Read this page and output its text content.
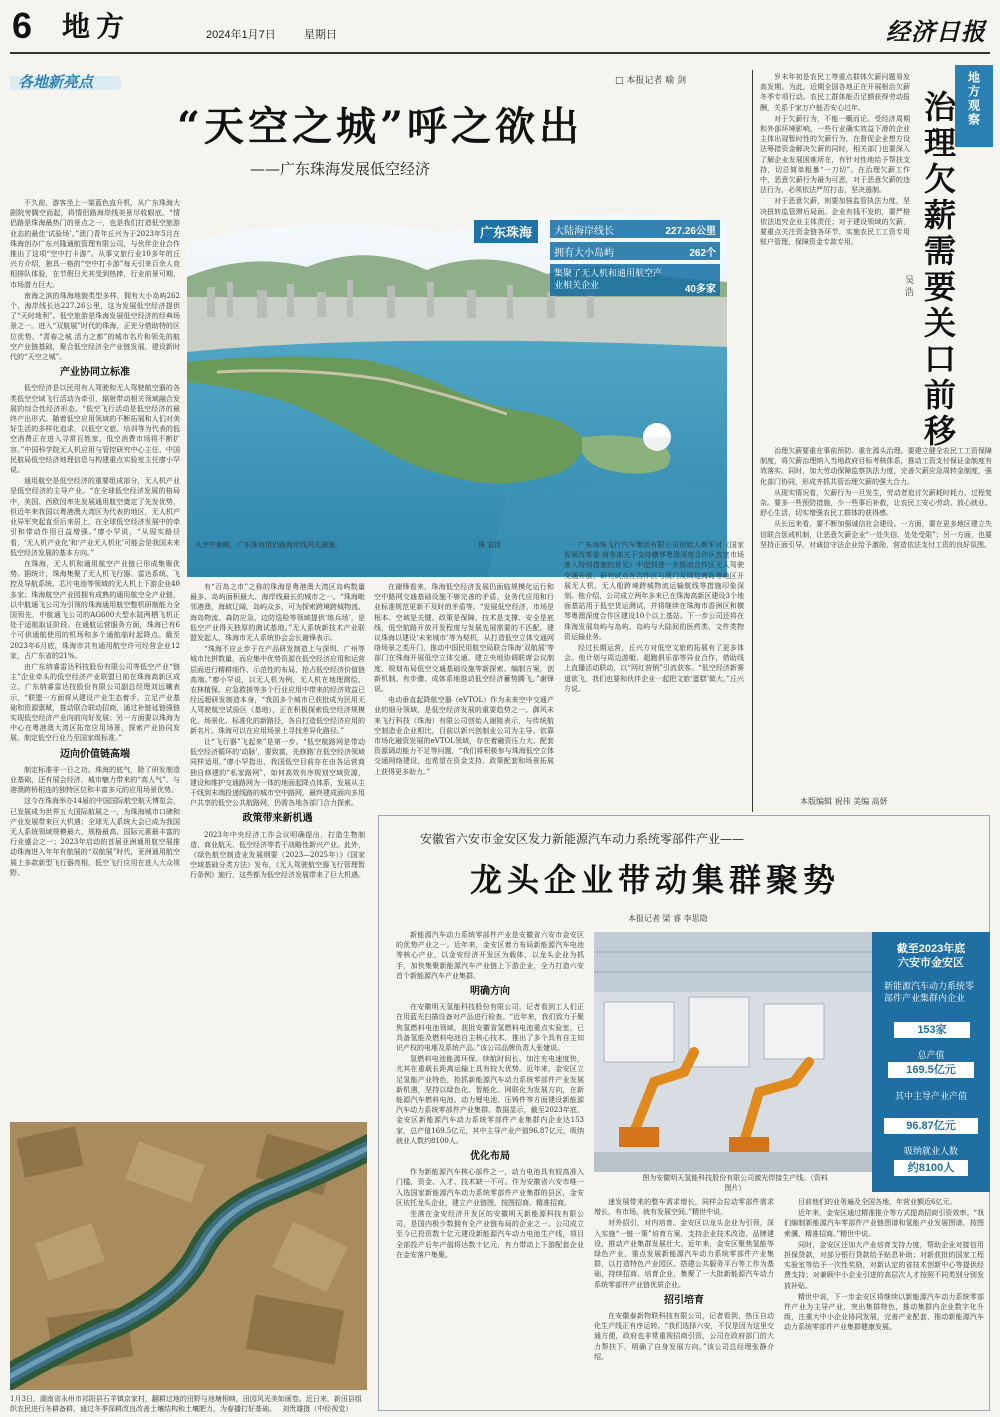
6 地方	2024年1月7日	星期日	经济日报
各地新亮点	□ 本报记者 喻 剑
“天空之城”呼之欲出
——广东珠海发展低空经济
广东珠海	大陆海岸线长	227.26公里
拥有大小岛屿	262个
集聚了无人机和通用航空产业相关企业	40多家
从空中俯瞰，广东珠海情侣路海岸线风光旖旎。	珠 宣摄

不久前，游客坐上一架蓝色直升机，从广东珠海大剧院旁腾空而起，将情侣路海岸线美景尽收眼底。“情侣路是珠海最热门的景点之一，也是我们打造低空旅游业态的最佳‘试验场’。”澳门青年丘兴为于2023年5月在珠海创办广东兴隆通航管理有限公司，与伙伴企业合作推出了这项“空中打卡游”。从事文旅行业10多年的丘兴方介绍，独具一格的“空中打卡游”每天引来百余人竞相排队体验，在节假日尤其受到热捧，行业前景可期，市场潜力巨大。

南海之滨的珠海地貌类型多样，拥有大小岛屿262个，海岸线长达227.26公里，这为发展低空经济提供了“天时地利”。低空旅游是珠海发展低空经济的经典场景之一。进入“双航展”时代的珠海，正充分借助特的区位优势、“青春之城 活力之都”的城市名片和领先的航空产业链基础，聚合低空经济全产业链发展，建设新时代的“天空之城”。

产业协同立标准

低空经济是以民用有人驾驶和无人驾驶航空器的各类低空空域飞行活动为牵引，辐射带动相关领域融合发展的综合性经济形态。“低空飞行活动是低空经济的最终产出形式。随着低空应用领域的不断拓展和人们对美好生活的多样化追求，以低空文旅、培训等为代表的低空消费正在进入寻常百姓家，低空消费市场将不断扩容。”中国科学院无人机应用与管控研究中心主任、中国民航局低空经济地理信息与构建重点实验室主任廖小罕说。

通用航空是低空经济的重要组成部分，无人机产业是低空经济的主导产业。“在全球低空经济发展的格局中，美国、西欧因率先发展通用航空奠定了先发优势，但近年来我国以粤港澳大湾区为代表的地区，无人机产业异军突起直至后来居上，在全球低空经济发展中的牵引和带动作用日益增强。”廖小罕说，“从现实路径看，‘无人机产业化’和‘产业无人机化’可能会是我国未来低空经济发展的基本方向。”

在珠海，无人机和通用航空产业链已形成集聚优势。据统计，珠海集聚了无人机飞行器、雷达系统、飞控及导航系统、芯片电池等领域的无人机上下游企业40多家；珠海航空产业园拥有成熟的通用航空全产业链，以中航通飞公司为引领的珠海通用航空整机研制能力全国领先，中航通飞公司的AG600大型水陆两栖飞机正处于适航取证阶段。在通航运营服务方面，珠海已有6个可供通航使用的机场和多个通航临时起降点。截至2023年6月底，珠海市共有通用航空许可经营企业12家，占广东省的21%。

由广东纳睿雷达科技股份有限公司等低空产业“链主”企业牵头的低空经济产业联盟日前在珠海高新区成立。广东纳睿雷达技股份有限公司副总经理刘远曦表示，“联盟一方面将从建设产业生态着手，立足产业基础和资源禀赋，推动联合联动招商，通过补链延链强链实现低空经济产业向前向好发展；另一方面要以珠海为中心在粤港澳大湾区拓宽应用场景，探索产业协同发展，制定低空行业乃至国家级标准。”

迈向价值链高端

制定标准非一日之功。珠海的底气，除了研发制造业基础，还有展会经济、城市魅力带来的“高人气”、与港澳跨桥相连的独特区位和丰富多元的应用场景优势。

这今在珠海举办14届的中国国际航空航天博览会，已发展成为世界五大国际航展之一，为珠海城市口碑和产业发展带来巨大机遇；全球无人系统大会已成为我国无人系统领域规模最大、规格最高、国际元素最丰富的行业盛会之一；2023年启动的首届亚洲通用航空展推动珠海进入年年有航展的“双航展”时代，亚洲通用航空展上多款新型飞行器亮相，低空飞行应用在进入大众视野。

有“百岛之市”之称的珠海是粤港澳大湾区岛屿数量最多、岛屿面积最大、海岸线最长的城市之一。“珠海毗邻港澳，海域辽阔，岛屿众多，可为探索跨境跨城物流、海岛物流、森防应急、边防巡检等领域提供‘练兵场’，是低空产业得天独厚的测试基地。”无人系统新技术产业联盟发起人、珠海市无人系统协会会长谢锋表示。

“珠海不应止步于在产品研发制造上与深圳、广州等城市比拼数量，而应集中优势资源在低空经济应用和运营层面进行精耕细作、示范性的布局，抢占低空经济价值链高端。”廖小罕说，以无人机为例，无人机在地理测绘、农林植保、应急救援等多个行业应用中带来的经济效益已经远超研发制造本身，“我国多个城市已获批成为民用无人驾驶航空试验区（基地），正在积极探索低空经济规模化、场景化、标准化的新路径，各自打造低空经济应用的新名片。珠海可以在应用场景上寻找差异化路径。”

让“飞行器”飞起来”是第一步。“低空航路网是带动低空经济循环的‘动脉’，要致富，先修路’在低空经济领域同样适用。”廖小罕指出，我国低空目前存在由各运营商独自修建的“私家路网”，如何高效有序规划空域资源，建设和维护交通路网为一体的地面起降点体系，发展从主干线到末端投递线路的城市空中路网，最终建成面向多用户共享的低空公共航路网，仍需各地各部门合力探索。

政策带来新机遇

2023年中央经济工作会议明确提出，打造生物制造、商业航天、低空经济等若干战略性新兴产业。此外，《绿色航空制造业发展纲要（2023—2025年）》《国家空域基础分类方法》发布，《无人驾驶航空器飞行管理暂行条例》施行，这些都为低空经济发展带来了巨大机遇。

在谢锋看来，珠海低空经济发展仍面临规模化运行和空中路网交通基础设施不够完善的矛盾、业务代应用和行业标准规范更新不及时的矛盾等。“发展低空经济，市场是根本、空域是关键、政策是保障、技术是支撑、安全是底线，低空航路开放开发程度与发展先展需要的不匹配，建议珠海以建设‘未来城市’等为契机，从打造低空立体交通网络场景之类开门，推动中国民用航空局联合珠海‘双航展’等部门在珠海开展低空立体交通、建立央地协调联席会议制度、规划布局低空交通基础设施等新探索、编制方案，创新机制、有步骤、成体系地推动低空经济蓄势腾飞。”谢锋说。

电动垂直起降航空器（eVTOL）作为未来空中交通产业的细分领域，是低空经济发展的重要趋势之一。御风未来飞行科技（珠海）有限公司创始人谢陵表示，与传统航空制造业企业相比，目前以新兴创制业公司为主导、依靠市场化融资发展的eVTOL领域，存在着融资压力大、配套资源调动能力不足等问题，“我们将积极参与珠海低空立体交通网络建设，也希望在资金支持、政策配套和场景拓展上获得更多助力。”

广东海珠飞行汽车集团有限公司创始人颜军对《国家发展改革委 商务部关于支持横琴粤澳深度合作区放宽市场准入特别措施的意见》中提到进一步推动合作区无人驾驶交通开放，研究试点在合作区与澳门及周边海岛等地区开展无人机、无人船跨境跨城物流运输航线等措施印象深刻。他介绍，公司成立两年多来已在珠海高新区建设3个地面基站用于低空货运测试，并将继续在珠海市香洲区和横琴粤澳深度合作区建设10个以上基站。下一步公司还将在珠海发展岛屿与岛屿、岛屿与大陆间的医药类、文件类物资运输业务。

经过长期运营，丘兴方对低空文旅的拓展有了更多体会。他计划与周边游艇、超跑俱乐部等异业合作，借助线上直播活动联动，以“网红营销”引流获客。“低空经济新赛道欲飞，我们也要和伙伴企业一起把文旅‘蛋糕’做大。”丘兴方说。

岁末年初是农民工等重点群体欠薪问题易发高发期。为此，近期全国各地正在开展根治欠薪冬季专项行动。农民工群体能否足额获得劳动报酬，关系千家万户能否安心过年。

对于欠薪行为，不能一概而论。受经济周期和外部环境影响，一些行业确实效益下滑的企业主体出现暂时性的欠薪行为，在督促企业想方设法筹措资金解决欠薪的同时，相关部门也要深入了解企业发展困难所在，有针对性地给予帮扶支持，切忌简单粗暴“一刀切”。在治理欠薪工作中，恶意欠薪行为最为可恶，对于恶意欠薪的违法行为，必须依法严厉打击，坚决遏制。

对于恶意欠薪，则要加强监管执法力度，坚决扭转监管滞后局面。企业有钱不发的，要严格依法追究企业主体责任；对于建设领域的欠薪，要重点关注资金链各环节，实施农民工工资专用账户管理，保障资金专款专用。

地方观察
治理欠薪需要关口前移
吴 浩

治理欠薪要重在事前预防、重在源头治理。要建立健全农民工工资保障制度，将欠薪治理纳入当地政府目标考核体系，推动工资支付保证金制度有效落实。同时，加大劳动保障监察执法力度，完善欠薪应急周转金制度，强化部门协同，形成齐抓共管治理欠薪的强大合力。

从现实情况看，欠薪行为一旦发生，劳动者追讨欠薪耗时耗力、过程复杂。要多一些预防措施，少一些事后补救，让农民工安心劳动、放心就业、舒心生活，切实增强农民工群体的获得感。

从长远来看，要不断加强诚信社会建设。一方面，要在更多地区建立失信联合惩戒机制，让恶意欠薪企业“一处失信、处处受限”；另一方面，也要坚持正面引导，对诚信守法企业给予激励，营造依法支付工资的良好氛围。

本版编辑 祝伟 美编 高妍
安徽省六安市金安区发力新能源汽车动力系统零部件产业——
龙头企业带动集群聚势
本报记者 梁 睿 李思隐

新能源汽车动力系统零部件产业是安徽省六安市金安区的优势产业之一。近年来，金安区着力布局新能源汽车电池等核心产业，以金安经济开发区为载体，以龙头企业为抓手，加快集聚新能源汽车产业链上下游企业，全力打造六安首个新能源汽车产业集群。

明确方向

在安徽明天氢能科技股份有限公司，记者看到工人们正在用蓝光扫描设备对产品进行检查。“近年来，我们致力于聚焦氢燃料电池领域，获批安徽省氢燃料电池重点实验室，已具备氢能及燃料电池自主核心技术，推出了多个具有自主知识产权的电堆及系统产品。”该公司品牌负责人张婕说。

氢燃料电池能源环保、续航时间长、加注充电速度快，尤其在重载长距离运输上具有较大优势。近年来，金安区立足氢能产业特色，抢抓新能源汽车动力系统零部件产业发展新机遇，坚持以绿色化、智能化、网联化为发展方向，在新能源汽车燃料电池、动力锂电池、压铸件等方面建设新能源汽车动力系统零部件产业集群。数据显示，截至2023年底，金安区新能源汽车动力系统零部件产业集群内企业达153家，总产值169.5亿元，其中主导产业产值96.87亿元，吸纳就业人数约8100人。

优化布局

作为新能源汽车核心部件之一，动力电池具有较高准入门槛，资金、人才、技术缺一不可。作为安徽省六安市唯一入选国家新能源汽车动力系统零部件产业集群的县区，金安区依托龙头企业，建立产业链图，按图招商、精准招商。

坐落在金安经济开发区的安徽明天新能源科技有限公司，是国内极少数拥有全产业链布局的企业之一。公司成立至今已投资数十亿元建设新能源汽车动力电池生产线，项目全部投产后年产值将达数十亿元，有力带动上下游配套企业在金安落户集聚。

图为安徽明天氢能科技股份有限公司激光焊接生产线。（资料图片）
截至2023年底
六安市金安区
新能源汽车动力系统零部件产业集群内企业
153家
总产值
169.5亿元
其中主导产业产值
96.87亿元
吸纳就业人数
约8100人

速发展带来的整车需求增长，同样会拉动零部件需求增长，有市场，就有发展空间。”精世中说。

对外招引，对内培育。金安区以龙头企业为引领，深入实施“一链一策”培育方案，支持企业技术改造、品牌建设，推动产业集群发展壮大。近年来，金安区聚焦氢能等绿色产业，重点发展新能源汽车动力系统零部件产业集群，以打造特色产业园区、搭建公共服务平台等工作为基础，持续招商、培育企业，集聚了一大批新能源汽车动力系统零部件产业链优质企业。

招引培育

在安徽泰新物联科技有限公司，记者看到，热压自动化生产线正有序运转。“我们选择六安，不仅是因为这里交通方便，政府也非常重视招商引资，公司在政府部门的大力帮扶下，明确了自身发展方向。”该公司总经理张静介绍。

目前他们的业务遍及全国各地，年营业额近6亿元。

近年来，金安区通过精准推介等方式提高招商引资效率。“我们编制新能源汽车零部件产业链图谱和氢能产业发展图谱，按图索骥，精准招商。”精世中说。

同时，金安区还加大产业培育支持力度，帮助企业对接信用担保贷款，对部分银行贷款给予贴息补助；对新获批的国家工程实验室等给予一次性奖励，对新认定的省技术创新中心等提供经费支持；对兼顾中小企业引进的高层次人才按照不同类别分别发放补贴。

精世中说，下一步金安区将继续以新能源汽车动力系统零部件产业为主导产业，突出集群特色，推动集群内企业数字化升级，注重大中小企业协同发展，完善产业配套，推动新能源汽车动力系统零部件产业集群健康发展。

1月3日，湖南省永州市祁阳县石羊镇京家村，翻耕过地的田野与池塘相映，田园风光美如画卷。近日来，新田县组织农民进行冬耕备耕，通过冬季深耕改良改善土壤结构和土壤肥力，为春播打好基础。 刘贵雄摄（中经视觉）
